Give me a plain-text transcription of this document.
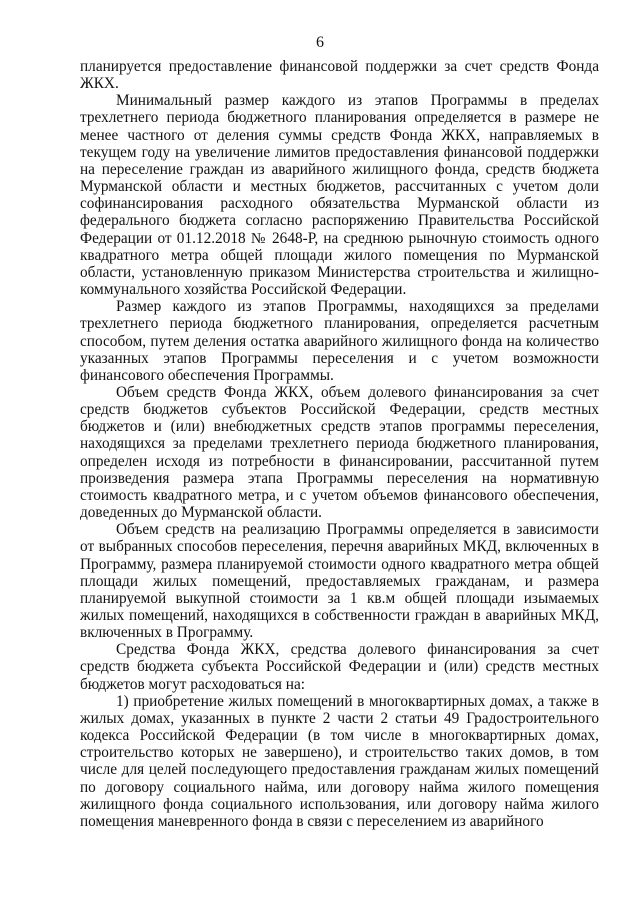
6

планируется предоставление финансовой поддержки за счет средств Фонда ЖКХ.

Минимальный размер каждого из этапов Программы в пределах трехлетнего периода бюджетного планирования определяется в размере не менее частного от деления суммы средств Фонда ЖКХ, направляемых в текущем году на увеличение лимитов предоставления финансовой поддержки на переселение граждан из аварийного жилищного фонда, средств бюджета Мурманской области и местных бюджетов, рассчитанных с учетом доли софинансирования расходного обязательства Мурманской области из федерального бюджета согласно распоряжению Правительства Российской Федерации от 01.12.2018 № 2648-Р, на среднюю рыночную стоимость одного квадратного метра общей площади жилого помещения по Мурманской области, установленную приказом Министерства строительства и жилищно-коммунального хозяйства Российской Федерации.

Размер каждого из этапов Программы, находящихся за пределами трехлетнего периода бюджетного планирования, определяется расчетным способом, путем деления остатка аварийного жилищного фонда на количество указанных этапов Программы переселения и с учетом возможности финансового обеспечения Программы.

Объем средств Фонда ЖКХ, объем долевого финансирования за счет средств бюджетов субъектов Российской Федерации, средств местных бюджетов и (или) внебюджетных средств этапов программы переселения, находящихся за пределами трехлетнего периода бюджетного планирования, определен исходя из потребности в финансировании, рассчитанной путем произведения размера этапа Программы переселения на нормативную стоимость квадратного метра, и с учетом объемов финансового обеспечения, доведенных до Мурманской области.

Объем средств на реализацию Программы определяется в зависимости от выбранных способов переселения, перечня аварийных МКД, включенных в Программу, размера планируемой стоимости одного квадратного метра общей площади жилых помещений, предоставляемых гражданам, и размера планируемой выкупной стоимости за 1 кв.м общей площади изымаемых жилых помещений, находящихся в собственности граждан в аварийных МКД, включенных в Программу.

Средства Фонда ЖКХ, средства долевого финансирования за счет средств бюджета субъекта Российской Федерации и (или) средств местных бюджетов могут расходоваться на:

1) приобретение жилых помещений в многоквартирных домах, а также в жилых домах, указанных в пункте 2 части 2 статьи 49 Градостроительного кодекса Российской Федерации (в том числе в многоквартирных домах, строительство которых не завершено), и строительство таких домов, в том числе для целей последующего предоставления гражданам жилых помещений по договору социального найма, или договору найма жилого помещения жилищного фонда социального использования, или договору найма жилого помещения маневренного фонда в связи с переселением из аварийного
